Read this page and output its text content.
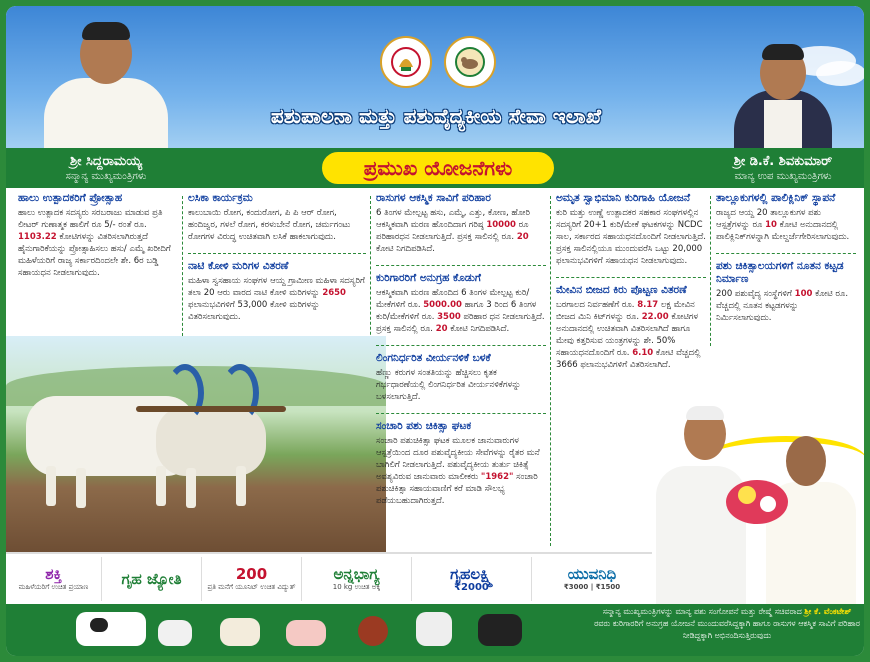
ಶ್ರೀ ಸಿದ್ದರಾಮಯ್ಯ
ಸನ್ಮಾನ್ಯ ಮುಖ್ಯಮಂತ್ರಿಗಳು
ಶ್ರೀ ಡಿ.ಕೆ. ಶಿವಕುಮಾರ್
ಮಾನ್ಯ ಉಪ ಮುಖ್ಯಮಂತ್ರಿಗಳು
ಪಶುಪಾಲನಾ ಮತ್ತು ಪಶುವೈದ್ಯಕೀಯ ಸೇವಾ ಇಲಾಖೆ
ಪ್ರಮುಖ ಯೋಜನೆಗಳು
ಹಾಲು ಉತ್ಪಾದಕರಿಗೆ ಪ್ರೋತ್ಸಾಹ

ಹಾಲು ಉತ್ಪಾದಕ ಸದಸ್ಯರು ಸರಬರಾಜು ಮಾಡುವ ಪ್ರತಿ ಲೀಟರ್ ಗುಣಾತ್ಮಕ ಹಾಲಿಗೆ ರೂ 5/- ರಂತೆ ರೂ. 1103.22 ಕೋಟಿಗಳನ್ನು ವಿತರಿಸಲಾಗಿರುತ್ತದೆ ಹೈನುಗಾರಿಕೆಯನ್ನು ಪ್ರೋತ್ಸಾಹಿಸಲು ಹಸು/ ಎಮ್ಮೆ ಖರೀದಿಗೆ ಮಹಿಳೆಯರಿಗೆ ರಾಜ್ಯ ಸರ್ಕಾರದಿಂದಲೇ ಶೇ. 6ರ ಬಡ್ಡಿ ಸಹಾಯಧನ ನೀಡಲಾಗುವುದು.

ಲಸಿಕಾ ಕಾರ್ಯಕ್ರಮ

ಕಾಲುಬಾಯಿ ರೋಗ, ಕಂದುರೋಗ, ಪಿ ಪಿ ಆರ್ ರೋಗ, ಹಂದಿಜ್ವರ, ಗಳಲೆ ರೋಗ, ಕರಳುಬೇನೆ ರೋಗ, ಚರ್ಮಗಂಟು ರೋಗಗಳ ವಿರುದ್ಧ ಉಚಿತವಾಗಿ ಲಸಿಕೆ ಹಾಕಲಾಗುವುದು.

ನಾಟಿ ಕೋಳಿ ಮರಿಗಳ ವಿತರಣೆ

ಮಹಿಳಾ ಸ್ವಸಹಾಯ ಸಂಘಗಳ ಆಯ್ದ ಗ್ರಾಮೀಣ ಮಹಿಳಾ ಸದಸ್ಯರಿಗೆ ತಲಾ 20 ಆರು ವಾರದ ನಾಟಿ ಕೋಳಿ ಮರಿಗಳನ್ನು 2650 ಫಲಾನುಭವಿಗಳಿಗೆ 53,000 ಕೋಳಿ ಮರಿಗಳನ್ನು ವಿತರಿಸಲಾಗುವುದು.

ರಾಸುಗಳ ಆಕಸ್ಮಿಕ ಸಾವಿಗೆ ಪರಿಹಾರ

6 ತಿಂಗಳ ಮೇಲ್ಪಟ್ಟ ಹಸು, ಎಮ್ಮೆ, ಎತ್ತು, ಕೋಣ, ಹೋರಿ ಆಕಸ್ಮಿಕವಾಗಿ ಮರಣ ಹೊಂದಿದಾಗ ಗರಿಷ್ಠ 10000 ರೂ ಪರಿಹಾರಧನ ನೀಡಲಾಗುತ್ತಿದೆ. ಪ್ರಸಕ್ತ ಸಾಲಿನಲ್ಲಿ ರೂ. 20 ಕೋಟಿ ನಿಗದಿಪಡಿಸಿದೆ.

ಕುರಿಗಾರರಿಗೆ ಅನುಗ್ರಹ ಕೊಡುಗೆ

ಆಕಸ್ಮಿಕವಾಗಿ ಮರಣ ಹೊಂದಿದ 6 ತಿಂಗಳ ಮೇಲ್ಪಟ್ಟ ಕುರಿ/ಮೇಕೆಗಳಿಗೆ ರೂ. 5000.00 ಹಾಗೂ 3 ರಿಂದ 6 ತಿಂಗಳ ಕುರಿ/ಮೇಕೆಗಳಿಗೆ ರೂ. 3500 ಪರಿಹಾರ ಧನ ನೀಡಲಾಗುತ್ತಿದೆ. ಪ್ರಸಕ್ತ ಸಾಲಿನಲ್ಲಿ ರೂ. 20 ಕೋಟಿ ನಿಗದಿಪಡಿಸಿದೆ.

ಲಿಂಗನಿರ್ಧರಿತ ವೀರ್ಯನಳಿಕೆ ಬಳಕೆ

ಹೆಣ್ಣು ಕರುಗಳ ಸಂತತಿಯನ್ನು ಹೆಚ್ಚಿಸಲು ಕೃತಕ ಗರ್ಭಧಾರಣೆಯಲ್ಲಿ ಲಿಂಗನಿರ್ಧರಿತ ವೀರ್ಯನಳಿಕೆಗಳನ್ನು ಬಳಸಲಾಗುತ್ತಿದೆ.

ಸಂಚಾರಿ ಪಶು ಚಿಕಿತ್ಸಾ ಘಟಕ

ಸಂಚಾರಿ ಪಶುಚಿಕಿತ್ಸಾ ಘಟಕ ಮೂಲಕ ಜಾನುವಾರುಗಳ ಆಸ್ಪತ್ರೆಯಿಂದ ದೂರ ಪಶುವೈದ್ಯಕೀಯ ಸೇವೆಗಳನ್ನು ರೈತರ ಮನೆ ಬಾಗಿಲಿಗೆ ನೀಡಲಾಗುತ್ತಿದೆ. ಪಶುವೈದ್ಯಕೀಯ ತುರ್ತು ಚಿಕಿತ್ಸೆ ಅವಶ್ಯವಿರುವ ಜಾನುವಾರು ಮಾಲೀಕರು "1962" ಸಂಚಾರಿ ಪಶುಚಿಕಿತ್ಸಾ ಸಹಾಯವಾಣಿಗೆ ಕರೆ ಮಾಡಿ ಸೌಲಭ್ಯ ಪಡೆಯಬಹುದಾಗಿರುತ್ತದೆ.

ಅಮೃತ ಸ್ವಾಭಿಮಾನಿ ಕುರಿಗಾಹಿ ಯೋಜನೆ

ಕುರಿ ಮತ್ತು ಉಣ್ಣೆ ಉತ್ಪಾದಕರ ಸಹಕಾರ ಸಂಘಗಳಲ್ಲಿನ ಸದಸ್ಯರಿಗೆ 20+1 ಕುರಿ/ಮೇಕೆ ಘಟಕಗಳನ್ನು NCDC ಸಾಲ, ಸರ್ಕಾರದ ಸಹಾಯಧನದೊಂದಿಗೆ ನೀಡಲಾಗುತ್ತಿದೆ. ಪ್ರಸಕ್ತ ಸಾಲಿನಲ್ಲಿಯೂ ಮುಂದುವರೆಸಿ ಒಟ್ಟು 20,000 ಫಲಾನುಭವಿಗಳಿಗೆ ಸಹಾಯಧನ ನೀಡಲಾಗುವುದು.

ಮೇವಿನ ಬೀಜದ ಕಿರು ಪೊಟ್ಟಣ ವಿತರಣೆ

ಬರಗಾಲದ ನಿರ್ವಹಣೆಗೆ ರೂ. 8.17 ಲಕ್ಷ ಮೇವಿನ ಬೀಜದ ಮಿನಿ ಕಿಟ್‌ಗಳನ್ನು ರೂ. 22.00 ಕೋಟಿಗಳ ಅನುದಾನದಲ್ಲಿ ಉಚಿತವಾಗಿ ವಿತರಿಸಲಾಗಿದೆ ಹಾಗೂ ಮೇವು ಕತ್ತರಿಸುವ ಯಂತ್ರಗಳನ್ನು ಶೇ. 50% ಸಹಾಯಧನದೊಂದಿಗೆ ರೂ. 6.10 ಕೋಟಿ ವೆಚ್ಚದಲ್ಲಿ 3666 ಫಲಾನುಭವಿಗಳಿಗೆ ವಿತರಿಸಲಾಗಿದೆ.

ತಾಲ್ಲೂಕುಗಳಲ್ಲಿ ಪಾಲಿಕ್ಲಿನಿಕ್ ಸ್ಥಾಪನೆ

ರಾಜ್ಯದ ಆಯ್ದ 20 ತಾಲ್ಲೂಕುಗಳ ಪಶು ಆಸ್ಪತ್ರೆಗಳನ್ನು ರೂ 10 ಕೋಟಿ ಅನುದಾನದಲ್ಲಿ ಪಾಲಿಕ್ಲಿನಿಕ್‌ಗಳನ್ನಾಗಿ ಮೇಲ್ದರ್ಜೆಗೇರಿಸಲಾಗುವುದು.

ಪಶು ಚಿಕಿತ್ಸಾಲಯಗಳಿಗೆ ನೂತನ ಕಟ್ಟಡ ನಿರ್ಮಾಣ

200 ಪಶುವೈದ್ಯ ಸಂಸ್ಥೆಗಳಿಗೆ 100 ಕೋಟಿ ರೂ. ವೆಚ್ಚದಲ್ಲಿ ನೂತನ ಕಟ್ಟಡಗಳನ್ನು ನಿರ್ಮಿಸಲಾಗುವುದು.

ಶಕ್ತಿ
ಮಹಿಳೆಯರಿಗೆ ಉಚಿತ ಪ್ರಯಾಣ ಗೃಹ ಜ್ಯೋತಿ	200
ಪ್ರತಿ ಮನೆಗೆ ಯೂನಿಟ್ ಉಚಿತ ವಿದ್ಯುತ್
ಅನ್ನಭಾಗ್ಯ
10 kg ಉಚಿತ ಅಕ್ಕಿ
ಗೃಹಲಕ್ಷ್ಮಿ
₹2000
ಯುವನಿಧಿ
₹3000 | ₹1500
ಸನ್ಮಾನ್ಯ ಮುಖ್ಯಮಂತ್ರಿಗಳನ್ನು ಮಾನ್ಯ ಪಶು ಸಂಗೋಪನೆ ಮತ್ತು ರೇಷ್ಮೆ ಸಚಿವರಾದ ಶ್ರೀ ಕೆ. ವೆಂಕಟೇಶ್ ರವರು ಕುರಿಗಾರರಿಗೆ ಅನುಗ್ರಹ ಯೋಜನೆ ಮುಂದುವರೆಸಿದ್ದಕ್ಕಾಗಿ ಹಾಗೂ ರಾಸುಗಳ ಆಕಸ್ಮಿಕ ಸಾವಿಗೆ ಪರಿಹಾರ ನೀಡಿದ್ದಕ್ಕಾಗಿ ಅಭಿನಂದಿಸುತ್ತಿರುವುದು
